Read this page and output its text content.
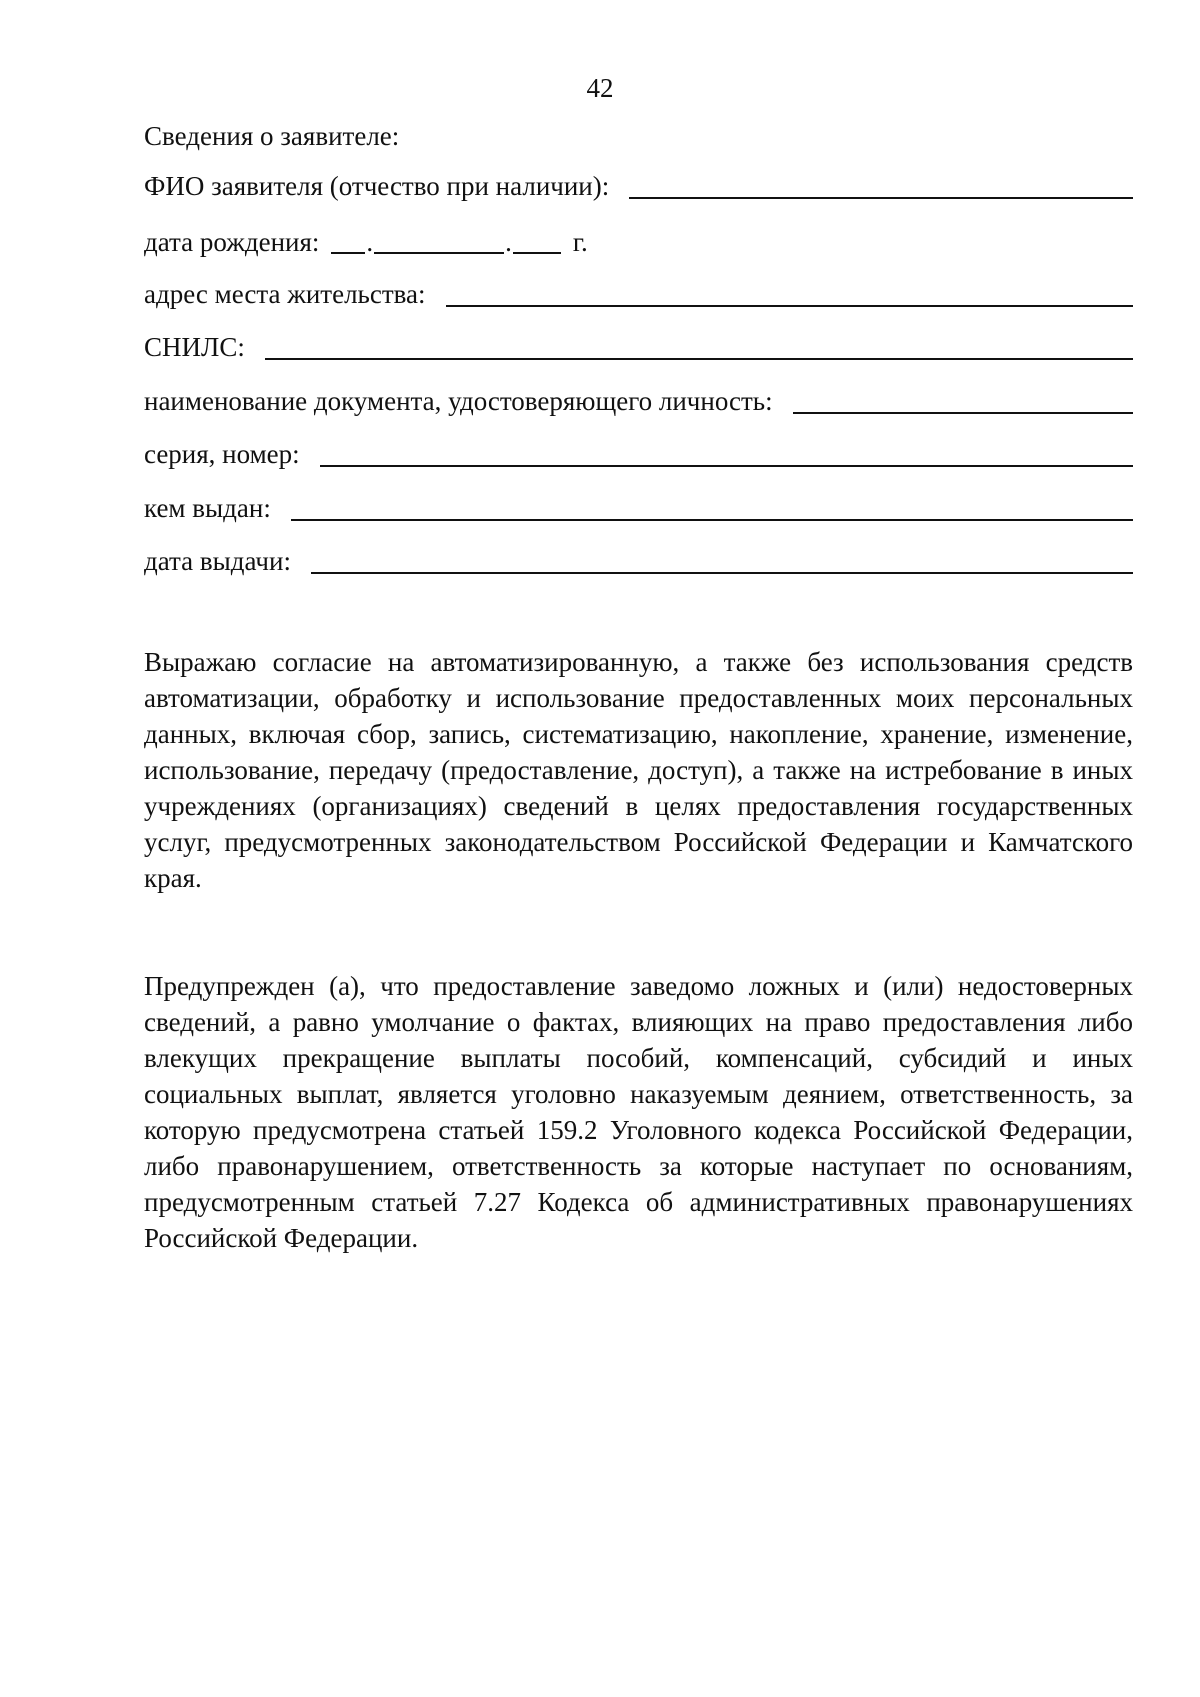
42
Сведения о заявителе:
ФИО заявителя (отчество при наличии):
дата рождения: .	. г.
адрес места жительства:
СНИЛС:
наименование документа, удостоверяющего личность:
серия, номер:
кем выдан:
дата выдачи:

Выражаю согласие на автоматизированную, а также без использования средств автоматизации, обработку и использование предоставленных моих персональных данных, включая сбор, запись, систематизацию, накопление, хранение, изменение, использование, передачу (предоставление, доступ), а также на истребование в иных учреждениях (организациях) сведений в целях предоставления государственных услуг, предусмотренных законодательством Российской Федерации и Камчатского края.

Предупрежден (а), что предоставление заведомо ложных и (или) недостоверных сведений, а равно умолчание о фактах, влияющих на право предоставления либо влекущих прекращение выплаты пособий, компенсаций, субсидий и иных социальных выплат, является уголовно наказуемым деянием, ответственность, за которую предусмотрена статьей 159.2 Уголовного кодекса Российской Федерации, либо правонарушением, ответственность за которые наступает по основаниям, предусмотренным статьей 7.27 Кодекса об административных правонарушениях Российской Федерации.
